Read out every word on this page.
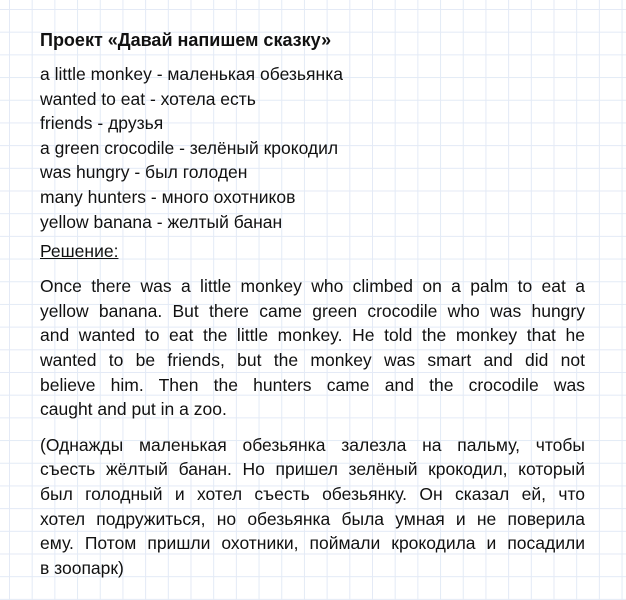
Проект «Давай напишем сказку»
a little monkey - маленькая обезьянка
wanted to eat - хотела есть
friends - друзья
a green crocodile - зелёный крокодил
was hungry - был голоден
many hunters - много охотников
yellow banana - желтый банан
Решение:
Once there was a little monkey who climbed on a palm to eat a
yellow banana. But there came green crocodile who was hungry
and wanted to eat the little monkey. He told the monkey that he
wanted to be friends, but the monkey was smart and did not
believe him. Then the hunters came and the crocodile was
caught and put in a zoo.
(Однажды маленькая обезьянка залезла на пальму, чтобы
съесть жёлтый банан. Но пришел зелёный крокодил, который
был голодный и хотел съесть обезьянку. Он сказал ей, что
хотел подружиться, но обезьянка была умная и не поверила
ему. Потом пришли охотники, поймали крокодила и посадили
в зоопарк)
